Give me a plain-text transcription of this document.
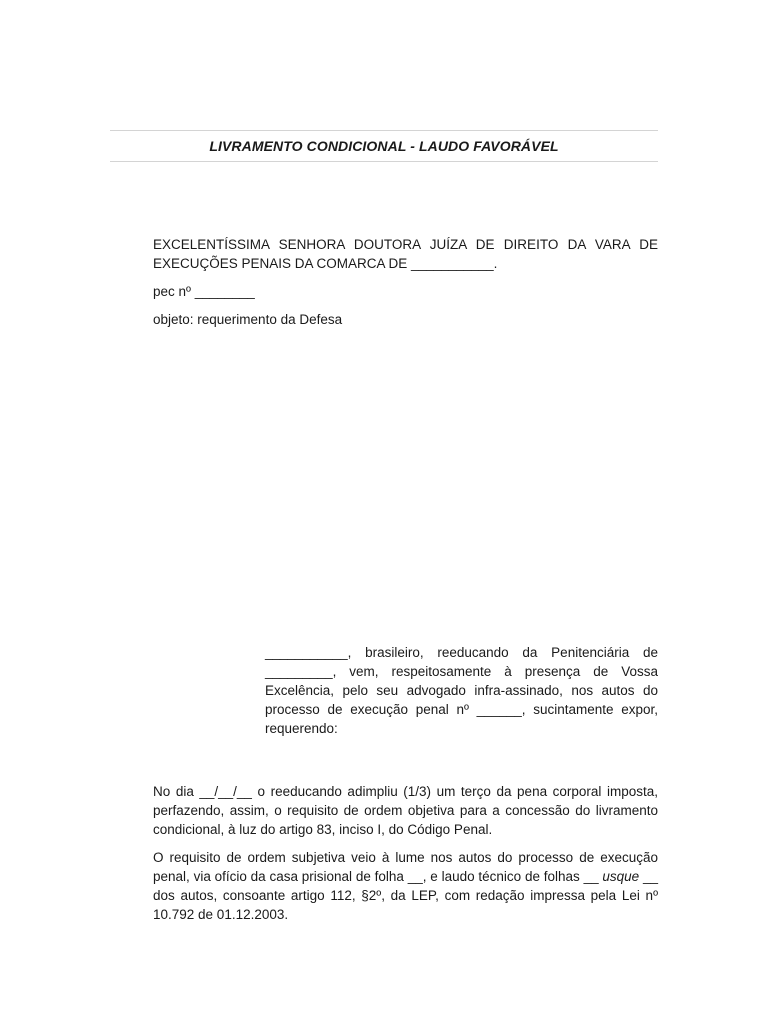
LIVRAMENTO CONDICIONAL - LAUDO FAVORÁVEL

EXCELENTÍSSIMA SENHORA DOUTORA JUÍZA DE DIREITO DA VARA DE EXECUÇÕES PENAIS DA COMARCA DE ___________.

pec nº ________

objeto: requerimento da Defesa

___________, brasileiro, reeducando da Penitenciária de _________, vem, respeitosamente à presença de Vossa Excelência, pelo seu advogado infra-assinado, nos autos do processo de execução penal nº ______, sucintamente expor, requerendo:

No dia __/__/__ o reeducando adimpliu (1/3) um terço da pena corporal imposta, perfazendo, assim, o requisito de ordem objetiva para a concessão do livramento condicional, à luz do artigo 83, inciso I, do Código Penal.

O requisito de ordem subjetiva veio à lume nos autos do processo de execução penal, via ofício da casa prisional de folha __, e laudo técnico de folhas __ usque __ dos autos, consoante artigo 112, §2º, da LEP, com redação impressa pela Lei nº 10.792 de 01.12.2003.
